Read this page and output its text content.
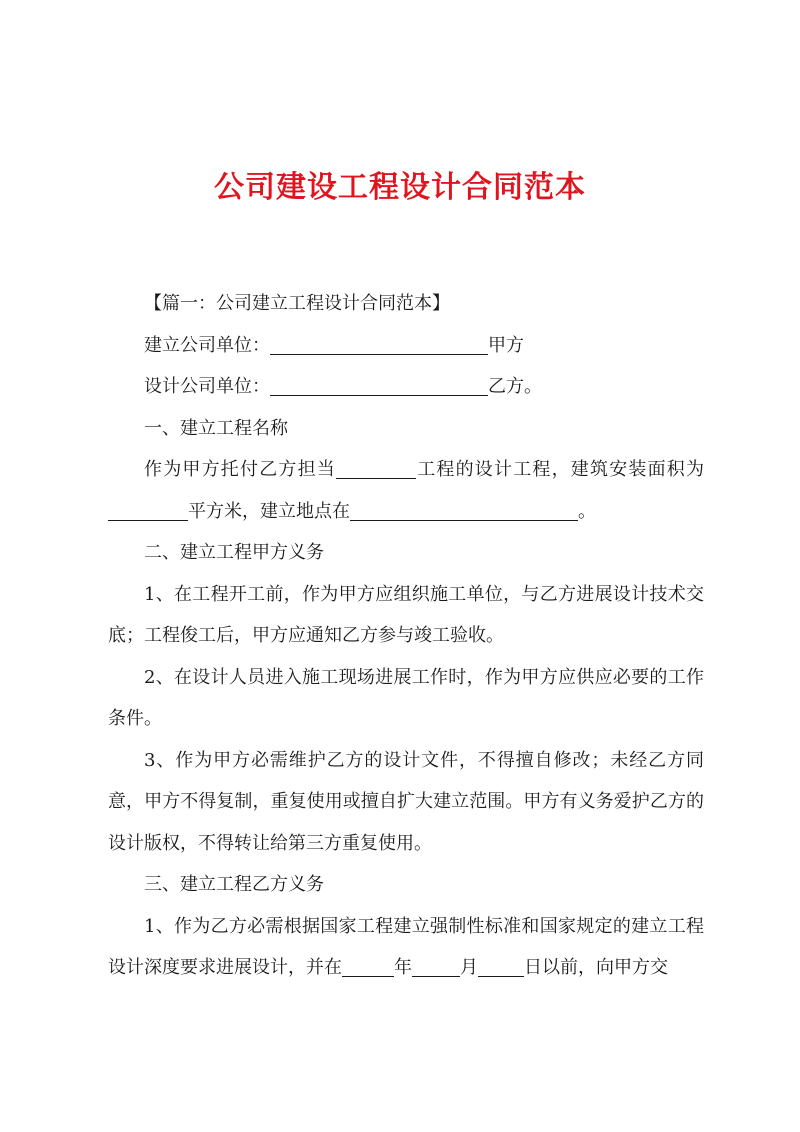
公司建设工程设计合同范本

【篇一：公司建立工程设计合同范本】

建立公司单位：	甲方

设计公司单位：	乙方。

一、建立工程名称

作为甲方托付乙方担当	工程的设计工程，建筑安装面积为平方米，建立地点在	。

二、建立工程甲方义务

1、在工程开工前，作为甲方应组织施工单位，与乙方进展设计技术交底；工程俊工后，甲方应通知乙方参与竣工验收。

2、在设计人员进入施工现场进展工作时，作为甲方应供应必要的工作条件。

3、作为甲方必需维护乙方的设计文件，不得擅自修改；未经乙方同意，甲方不得复制，重复使用或擅自扩大建立范围。甲方有义务爱护乙方的设计版权，不得转让给第三方重复使用。

三、建立工程乙方义务

1、作为乙方必需根据国家工程建立强制性标准和国家规定的建立工程设计深度要求进展设计，并在	年	月	日以前，向甲方交
